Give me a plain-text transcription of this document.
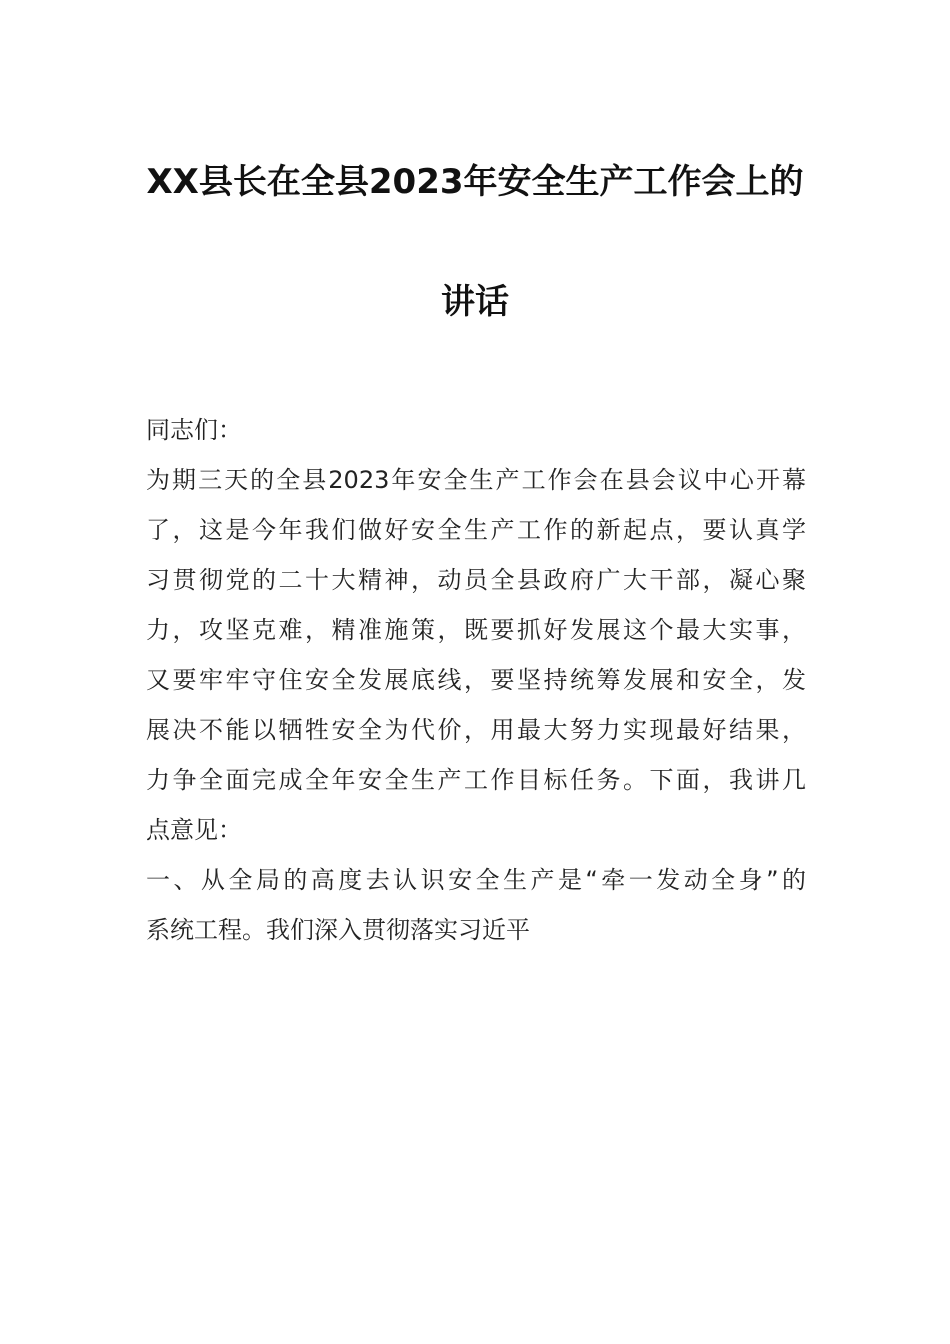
XX县长在全县2023年安全生产工作会上的
讲话
同志们：
为期三天的全县2023年安全生产工作会在县会议中心开幕
了，这是今年我们做好安全生产工作的新起点，要认真学
习贯彻党的二十大精神，动员全县政府广大干部，凝心聚
力，攻坚克难，精准施策，既要抓好发展这个最大实事，
又要牢牢守住安全发展底线，要坚持统筹发展和安全，发
展决不能以牺牲安全为代价，用最大努力实现最好结果，
力争全面完成全年安全生产工作目标任务。下面，我讲几
点意见：
一、从全局的高度去认识安全生产是“牵一发动全身”的
系统工程。我们深入贯彻落实习近平
